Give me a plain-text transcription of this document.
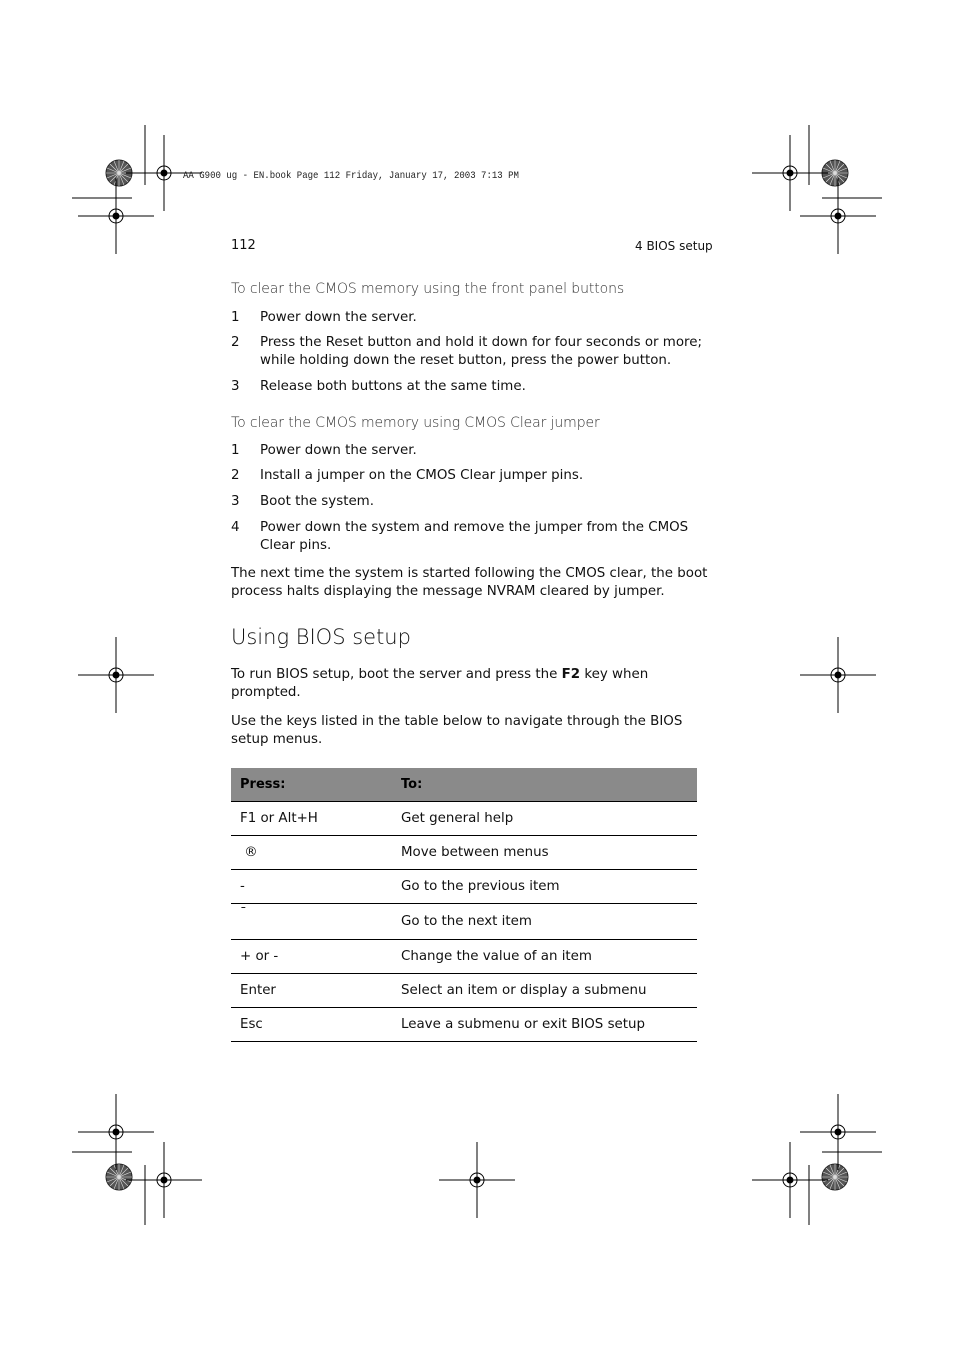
AA G900 ug - EN.book Page 112 Friday, January 17, 2003 7:13 PM
112	4 BIOS setup
To clear the CMOS memory using the front panel buttons
1 Power down the server.
2 Press the Reset button and hold it down for four seconds or more; while holding down the reset button, press the power button.
3 Release both buttons at the same time.
To clear the CMOS memory using CMOS Clear jumper
1 Power down the server.
2 Install a jumper on the CMOS Clear jumper pins.
3 Boot the system.
4 Power down the system and remove the jumper from the CMOS Clear pins.
The next time the system is started following the CMOS clear, the boot process halts displaying the message NVRAM cleared by jumper.
Using BIOS setup
To run BIOS setup, boot the server and press the F2 key when prompted.
Use the keys listed in the table below to navigate through the BIOS setup menus.
Press:	To:
F1 or Alt+H	Get general help
®	Move between menus
-	Go to the previous item
¯	Go to the next item
+ or -	Change the value of an item
Enter	Select an item or display a submenu
Esc	Leave a submenu or exit BIOS setup
